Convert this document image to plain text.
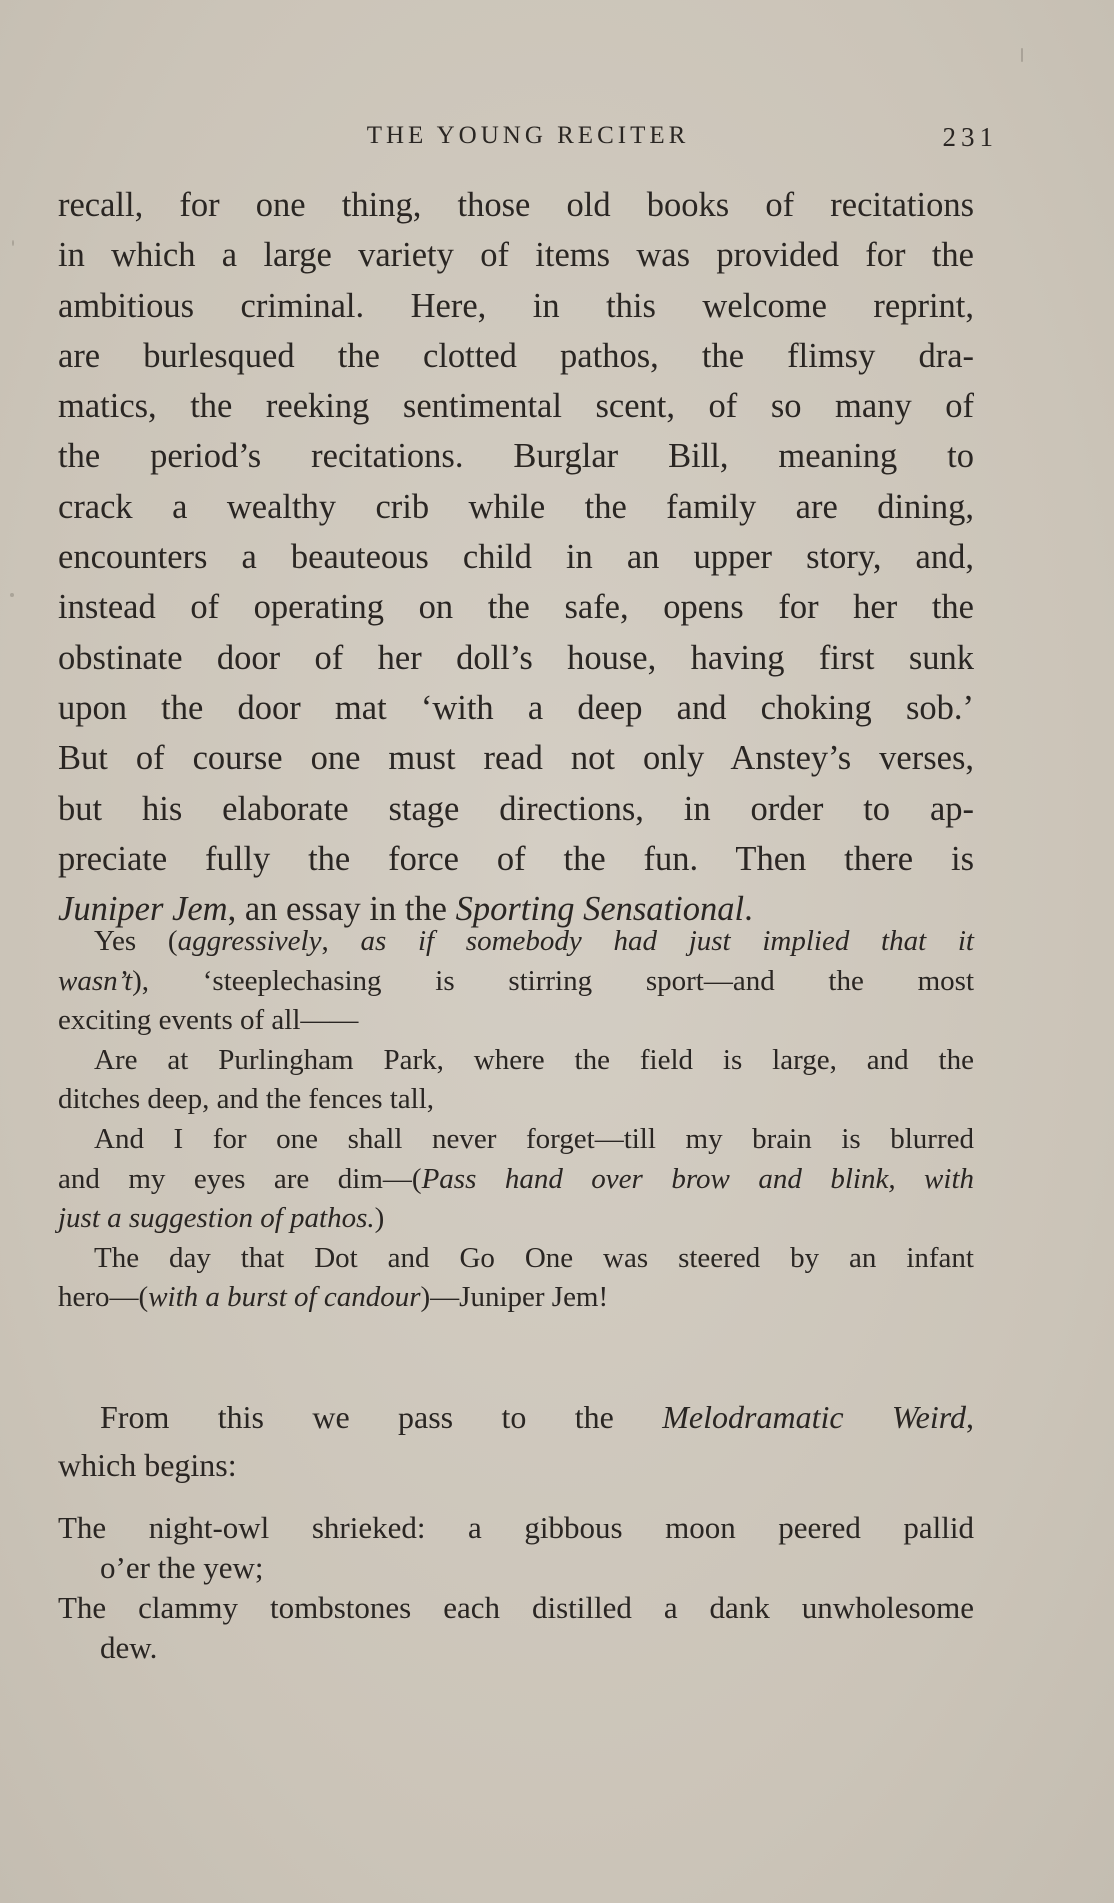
THE YOUNG RECITER	231
recall, for one thing, those old books of recitations
in which a large variety of items was provided for the
ambitious criminal. Here, in this welcome reprint,
are burlesqued the clotted pathos, the flimsy dra-
matics, the reeking sentimental scent, of so many of
the period’s recitations. Burglar Bill, meaning to
crack a wealthy crib while the family are dining,
encounters a beauteous child in an upper story, and,
instead of operating on the safe, opens for her the
obstinate door of her doll’s house, having first sunk
upon the door mat ‘with a deep and choking sob.’
But of course one must read not only Anstey’s verses,
but his elaborate stage directions, in order to ap-
preciate fully the force of the fun. Then there is
Juniper Jem, an essay in the Sporting Sensational.
Yes (aggressively, as if somebody had just implied that it
wasn’t), ‘steeplechasing is stirring sport—and the most
exciting events of all——
Are at Purlingham Park, where the field is large, and the
ditches deep, and the fences tall,
And I for one shall never forget—till my brain is blurred
and my eyes are dim—(Pass hand over brow and blink, with
just a suggestion of pathos.)
The day that Dot and Go One was steered by an infant
hero—(with a burst of candour)—Juniper Jem!
From this we pass to the Melodramatic Weird,
which begins:
The night-owl shrieked: a gibbous moon peered pallid
o’er the yew;
The clammy tombstones each distilled a dank unwholesome
dew.
